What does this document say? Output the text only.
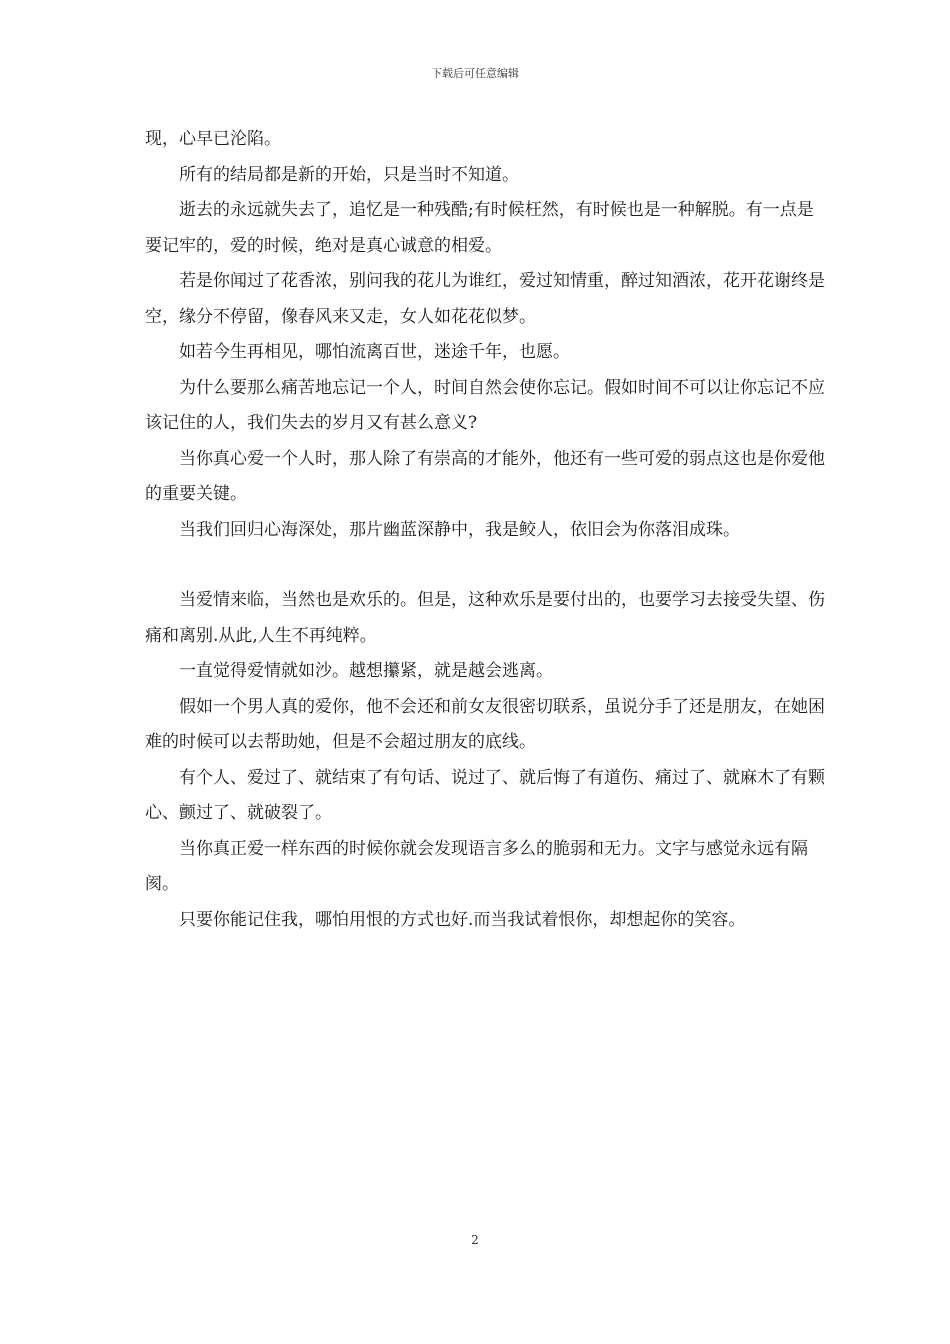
下载后可任意编辑

现，心早已沦陷。

所有的结局都是新的开始，只是当时不知道。

逝去的永远就失去了，追忆是一种残酷;有时候枉然，有时候也是一种解脱。有一点是要记牢的，爱的时候，绝对是真心诚意的相爱。

若是你闻过了花香浓，别问我的花儿为谁红，爱过知情重，醉过知酒浓，花开花谢终是空，缘分不停留，像春风来又走，女人如花花似梦。

如若今生再相见，哪怕流离百世，迷途千年，也愿。

为什么要那么痛苦地忘记一个人，时间自然会使你忘记。假如时间不可以让你忘记不应该记住的人，我们失去的岁月又有甚么意义?

当你真心爱一个人时，那人除了有崇高的才能外，他还有一些可爱的弱点这也是你爱他的重要关键。

当我们回归心海深处，那片幽蓝深静中，我是鲛人，依旧会为你落泪成珠。

当爱情来临，当然也是欢乐的。但是，这种欢乐是要付出的，也要学习去接受失望、伤痛和离别.从此,人生不再纯粹。

一直觉得爱情就如沙。越想攥紧，就是越会逃离。

假如一个男人真的爱你，他不会还和前女友很密切联系，虽说分手了还是朋友，在她困难的时候可以去帮助她，但是不会超过朋友的底线。

有个人、爱过了、就结束了有句话、说过了、就后悔了有道伤、痛过了、就麻木了有颗心、颤过了、就破裂了。

当你真正爱一样东西的时候你就会发现语言多么的脆弱和无力。文字与感觉永远有隔阂。

只要你能记住我，哪怕用恨的方式也好.而当我试着恨你，却想起你的笑容。

2
